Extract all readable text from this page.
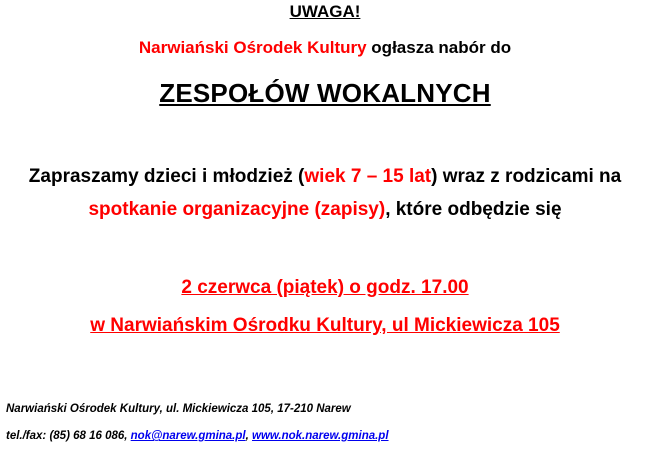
UWAGA!
Narwiański Ośrodek Kultury ogłasza nabór do
ZESPOŁÓW WOKALNYCH
Zapraszamy dzieci i młodzież (wiek 7 – 15 lat) wraz z rodzicami na
spotkanie organizacyjne (zapisy), które odbędzie się
2 czerwca (piątek) o godz. 17.00
w Narwiańskim Ośrodku Kultury, ul Mickiewicza 105
Narwiański Ośrodek Kultury, ul. Mickiewicza 105, 17-210 Narew
tel./fax: (85) 68 16 086, nok@narew.gmina.pl, www.nok.narew.gmina.pl
